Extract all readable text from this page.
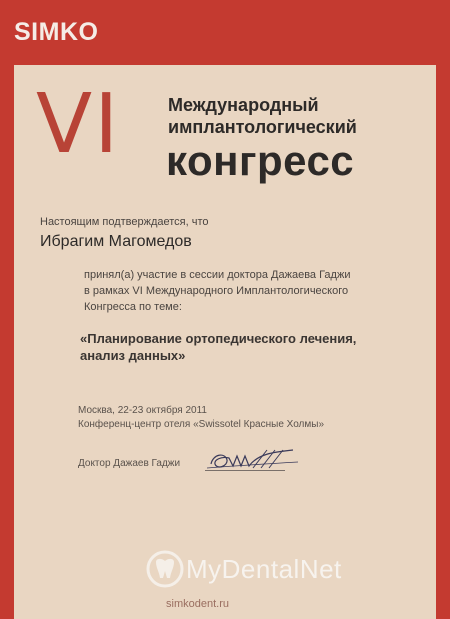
SIMKO
VI	Международный
имплантологический
конгресс
Настоящим подтверждается, что
Ибрагим Магомедов
принял(а) участие в сессии доктора Дажаева Гаджи
в рамках VI Международного Имплантологического
Конгресса по теме:
«Планирование ортопедического лечения,
анализ данных»
Москва, 22-23 октября 2011
Конференц-центр отеля «Swissotel Красные Холмы»
Доктор Дажаев Гаджи
MyDentalNet
simkodent.ru
